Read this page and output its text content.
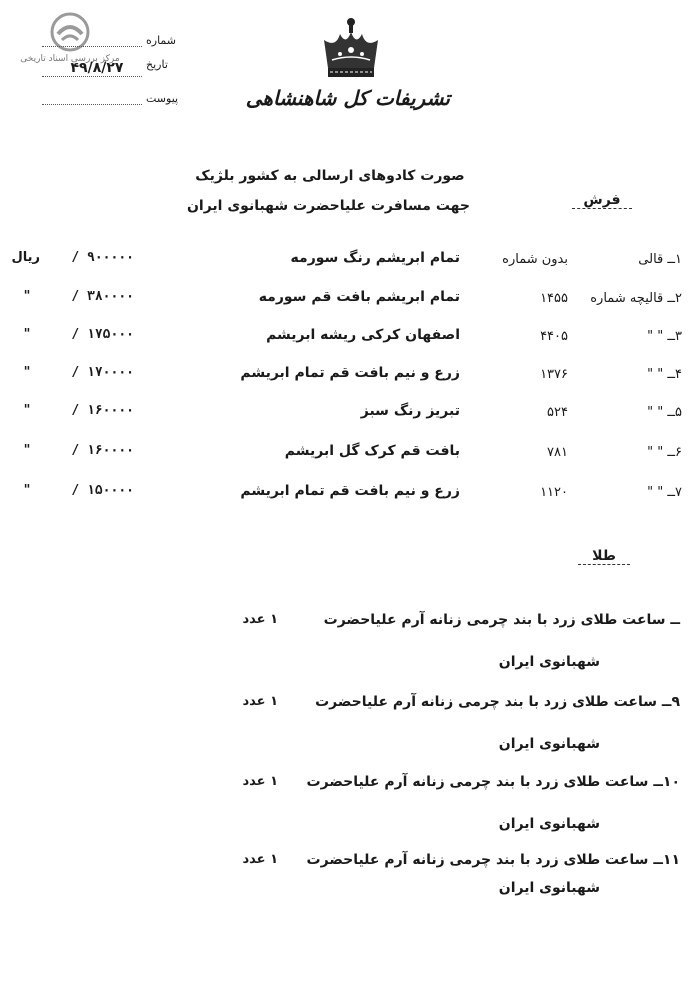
مرکز بررسی اسناد تاریخی
شماره
تاریخ
۴۹/۸/۲۷
پیوست	تشریفات کل شاهنشاهی
صورت کادوهای ارسالی به کشور بلژیک
جهت مسافرت علیاحضرت شهبانوی ایران	فرش
۱ــ قالی
بدون شماره
تمام ابریشم رنگ سورمه
/ ۹۰۰۰۰۰
ریال
۲ــ قالیچه شماره
۱۴۵۵
تمام ابریشم بافت قم سورمه
/ ۳۸۰۰۰۰
"
۳ــ " "
۴۴۰۵
اصفهان کرکی ریشه ابریشم
/ ۱۷۵۰۰۰
"
۴ــ " "
۱۳۷۶
زرع و نیم بافت قم تمام ابریشم
/ ۱۷۰۰۰۰
"
۵ــ " "
۵۲۴
تبریز رنگ سبز
/ ۱۶۰۰۰۰
"
۶ــ " "
۷۸۱
بافت قم کرک گل ابریشم
/ ۱۶۰۰۰۰
"
۷ــ " "
۱۱۲۰
زرع و نیم بافت قم تمام ابریشم
/ ۱۵۰۰۰۰
"
طلا
ــ ساعت طلای زرد با بند چرمی زنانه آرم علیاحضرت
۱ عدد
شهبانوی ایران
۹ــ ساعت طلای زرد با بند چرمی زنانه آرم علیاحضرت
۱ عدد
شهبانوی ایران
۱۰ــ ساعت طلای زرد با بند چرمی زنانه آرم علیاحضرت
۱ عدد
شهبانوی ایران
۱۱ــ ساعت طلای زرد با بند چرمی زنانه آرم علیاحضرت
۱ عدد
شهبانوی ایران
